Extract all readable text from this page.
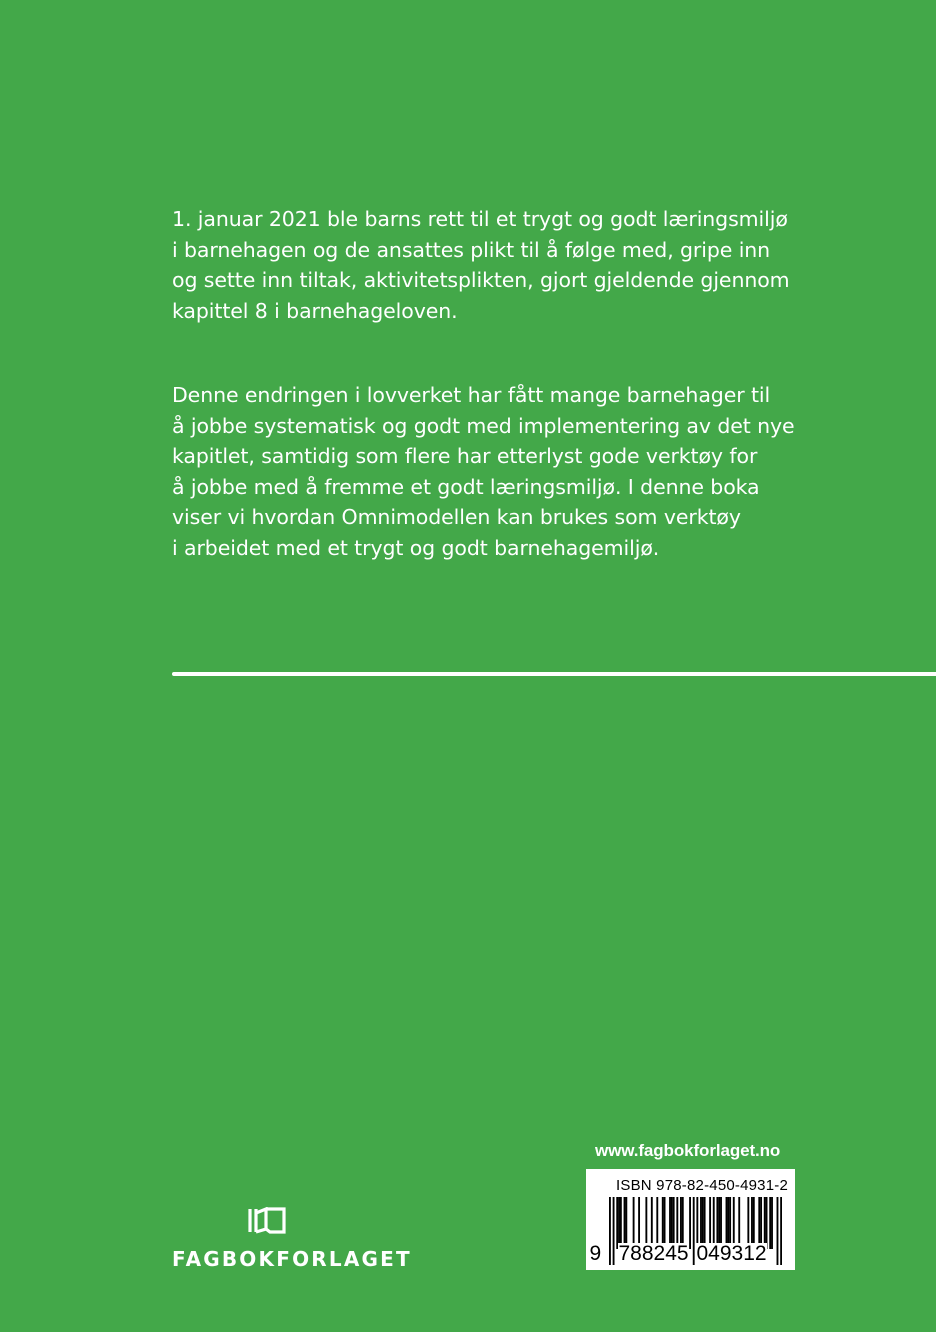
1. januar 2021 ble barns rett til et trygt og godt læringsmiljø
i barnehagen og de ansattes plikt til å følge med, gripe inn
og sette inn tiltak, aktivitetsplikten, gjort gjeldende gjennom
kapittel 8 i barnehageloven.

Denne endringen i lovverket har fått mange barnehager til
å jobbe systematisk og godt med implementering av det nye
kapitlet, samtidig som flere har etterlyst gode verktøy for
å jobbe med å fremme et godt læringsmiljø. I denne boka
viser vi hvordan Omnimodellen kan brukes som verktøy
i arbeidet med et trygt og godt barnehagemiljø.

www.fagbokforlaget.no
ISBN 978-82-450-4931-2
9 788245 049312
FAGBOKFORLAGET
